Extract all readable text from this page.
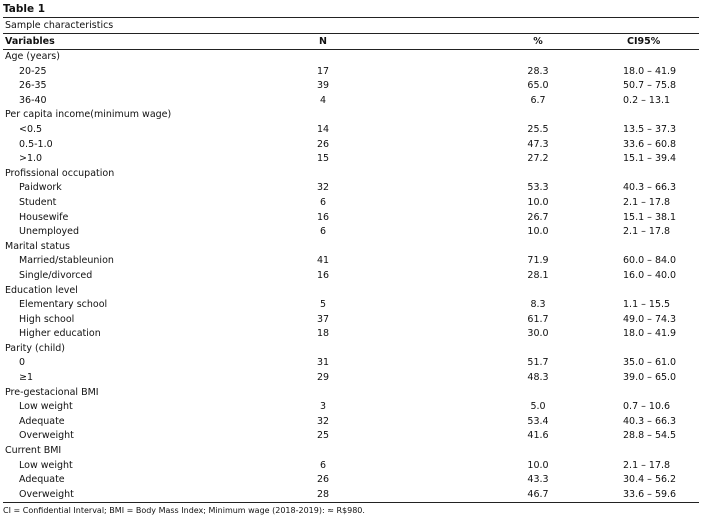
Table 1
Sample characteristics
Variables	N	%	CI95%
Age (years)
20-25	17	28.3	18.0 – 41.9
26-35	39	65.0	50.7 – 75.8
36-40	4	6.7	0.2 – 13.1
Per capita income(minimum wage)
<0.5	14	25.5	13.5 – 37.3
0.5-1.0	26	47.3	33.6 – 60.8
>1.0	15	27.2	15.1 – 39.4
Profissional occupation
Paidwork	32	53.3	40.3 – 66.3
Student	6	10.0	2.1 – 17.8
Housewife	16	26.7	15.1 – 38.1
Unemployed	6	10.0	2.1 – 17.8
Marital status
Married/stableunion	41	71.9	60.0 – 84.0
Single/divorced	16	28.1	16.0 – 40.0
Education level
Elementary school	5	8.3	1.1 – 15.5
High school	37	61.7	49.0 – 74.3
Higher education	18	30.0	18.0 – 41.9
Parity (child)
0	31	51.7	35.0 – 61.0
≥1	29	48.3	39.0 – 65.0
Pre-gestacional BMI
Low weight	3	5.0	0.7 – 10.6
Adequate	32	53.4	40.3 – 66.3
Overweight	25	41.6	28.8 – 54.5
Current BMI
Low weight	6	10.0	2.1 – 17.8
Adequate	26	43.3	30.4 – 56.2
Overweight	28	46.7	33.6 – 59.6
CI = Confidential Interval; BMI = Body Mass Index; Minimum wage (2018-2019): ≈ R$980.
